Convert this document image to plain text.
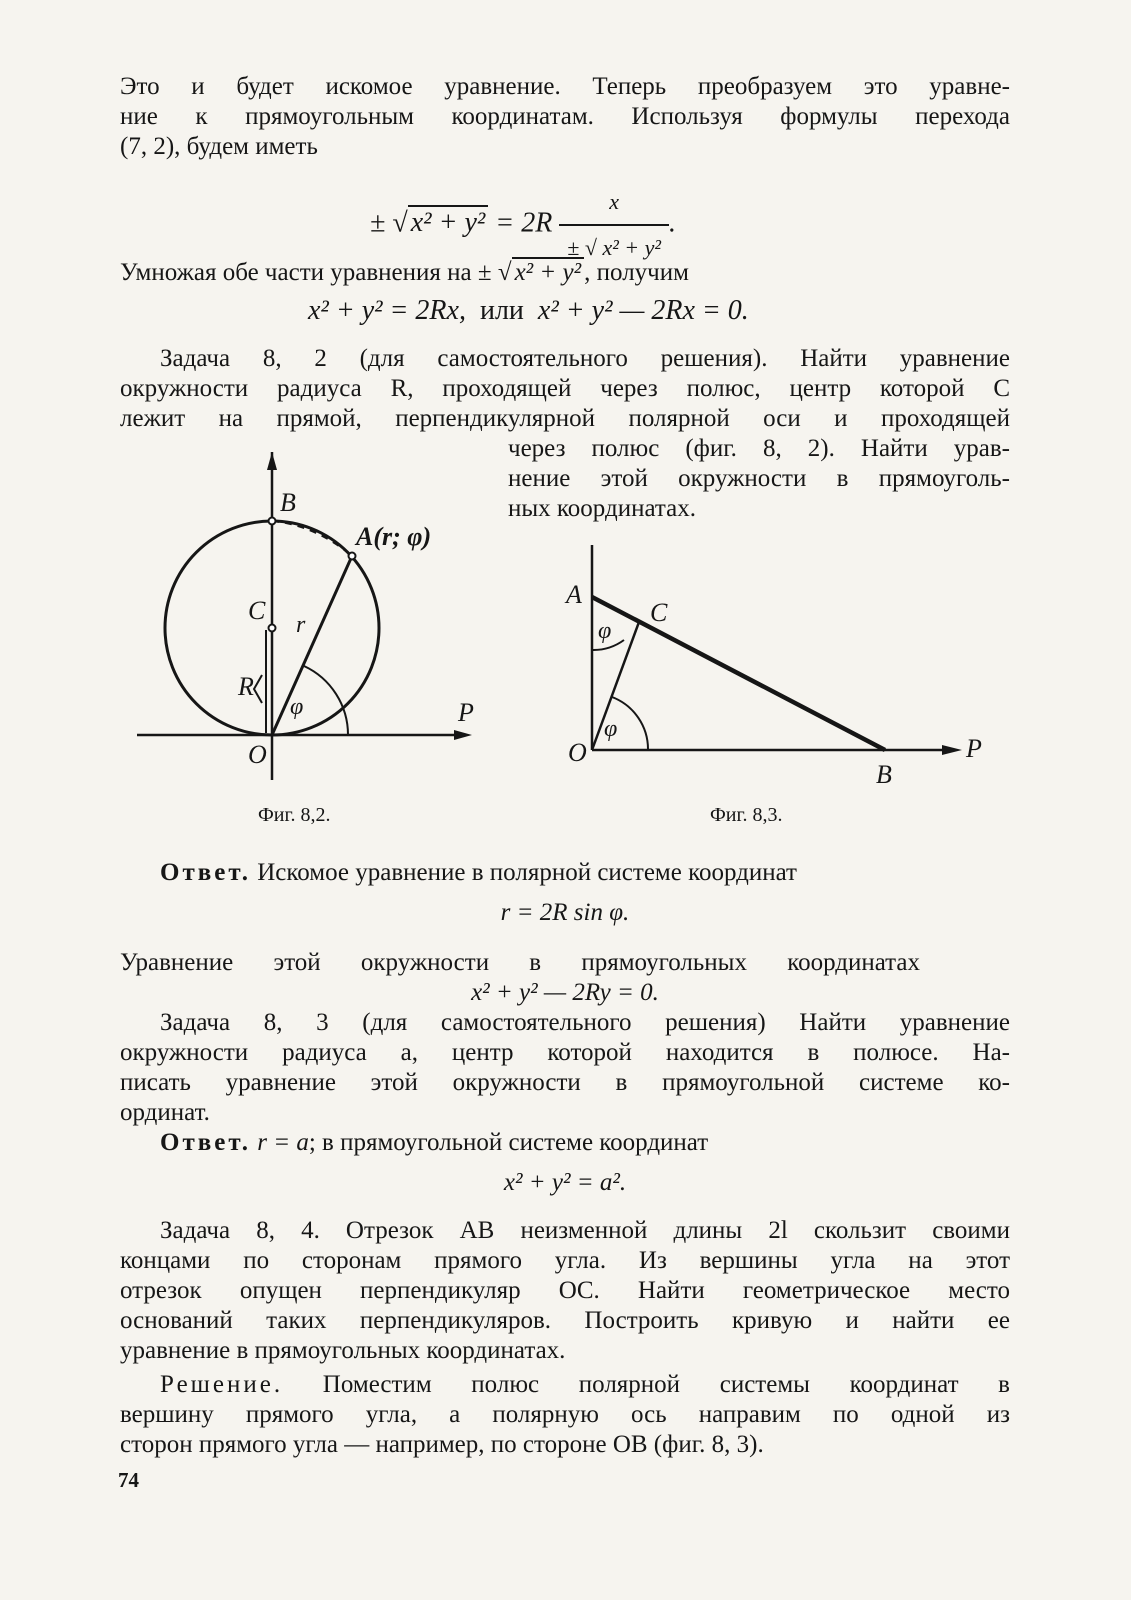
Это и будет искомое уравнение. Теперь преобразуем это уравне-
ние к прямоугольным координатам. Используя формулы перехода
(7, 2), будем иметь
± √ $x^2 + y^2 = 2R \frac{x}{\text{± √ x² + y²}}$ .
Умножая обе части уравнения на ± √ x² + y² , получим
x² + y² = 2Rx, или x² + y² — 2Rx = 0.
Задача 8, 2 (для самостоятельного решения). Найти уравнение
окружности радиуса R, проходящей через полюс, центр которой C
лежит на прямой, перпендикулярной полярной оси и проходящей
через полюс (фиг. 8, 2). Найти урав-
нение этой окружности в прямоуголь-
ных координатах.
B
A(r; φ)
C r
R
φ
O
P
Фиг. 8,2.
A
C
φ
φ
O
B
P
Фиг. 8,3.
Ответ. Искомое уравнение в полярной системе координат
r = 2R sin φ.
Уравнение этой окружности в прямоугольных координатах
x² + y² — 2Ry = 0.
Задача 8, 3 (для самостоятельного решения) Найти уравнение
окружности радиуса a, центр которой находится в полюсе. На-
писать уравнение этой окружности в прямоугольной системе ко-
ординат.
Ответ. r = a; в прямоугольной системе координат
x² + y² = a².
Задача 8, 4. Отрезок AB неизменной длины 2l скользит своими
концами по сторонам прямого угла. Из вершины угла на этот
отрезок опущен перпендикуляр OC. Найти геометрическое место
оснований таких перпендикуляров. Построить кривую и найти ее
уравнение в прямоугольных координатах.
Решение. Поместим полюс полярной системы координат в
вершину прямого угла, а полярную ось направим по одной из
сторон прямого угла — например, по стороне OB (фиг. 8, 3).
74
